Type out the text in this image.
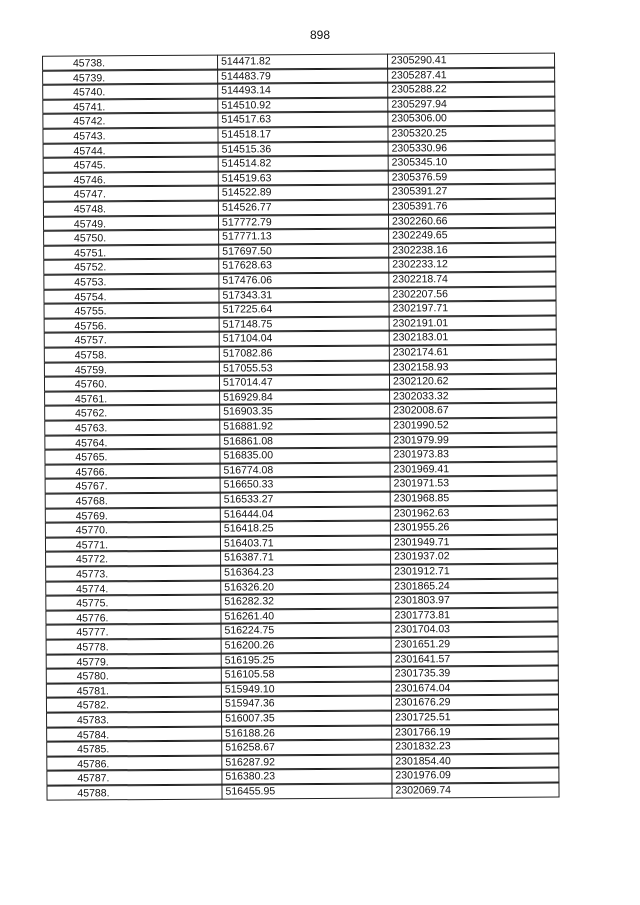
898
45738.	514471.82	2305290.41
45739.	514483.79	2305287.41
45740.	514493.14	2305288.22
45741.	514510.92	2305297.94
45742.	514517.63	2305306.00
45743.	514518.17	2305320.25
45744.	514515.36	2305330.96
45745.	514514.82	2305345.10
45746.	514519.63	2305376.59
45747.	514522.89	2305391.27
45748.	514526.77	2305391.76
45749.	517772.79	2302260.66
45750.	517771.13	2302249.65
45751.	517697.50	2302238.16
45752.	517628.63	2302233.12
45753.	517476.06	2302218.74
45754.	517343.31	2302207.56
45755.	517225.64	2302197.71
45756.	517148.75	2302191.01
45757.	517104.04	2302183.01
45758.	517082.86	2302174.61
45759.	517055.53	2302158.93
45760.	517014.47	2302120.62
45761.	516929.84	2302033.32
45762.	516903.35	2302008.67
45763.	516881.92	2301990.52
45764.	516861.08	2301979.99
45765.	516835.00	2301973.83
45766.	516774.08	2301969.41
45767.	516650.33	2301971.53
45768.	516533.27	2301968.85
45769.	516444.04	2301962.63
45770.	516418.25	2301955.26
45771.	516403.71	2301949.71
45772.	516387.71	2301937.02
45773.	516364.23	2301912.71
45774.	516326.20	2301865.24
45775.	516282.32	2301803.97
45776.	516261.40	2301773.81
45777.	516224.75	2301704.03
45778.	516200.26	2301651.29
45779.	516195.25	2301641.57
45780.	516105.58	2301735.39
45781.	515949.10	2301674.04
45782.	515947.36	2301676.29
45783.	516007.35	2301725.51
45784.	516188.26	2301766.19
45785.	516258.67	2301832.23
45786.	516287.92	2301854.40
45787.	516380.23	2301976.09
45788.	516455.95	2302069.74
